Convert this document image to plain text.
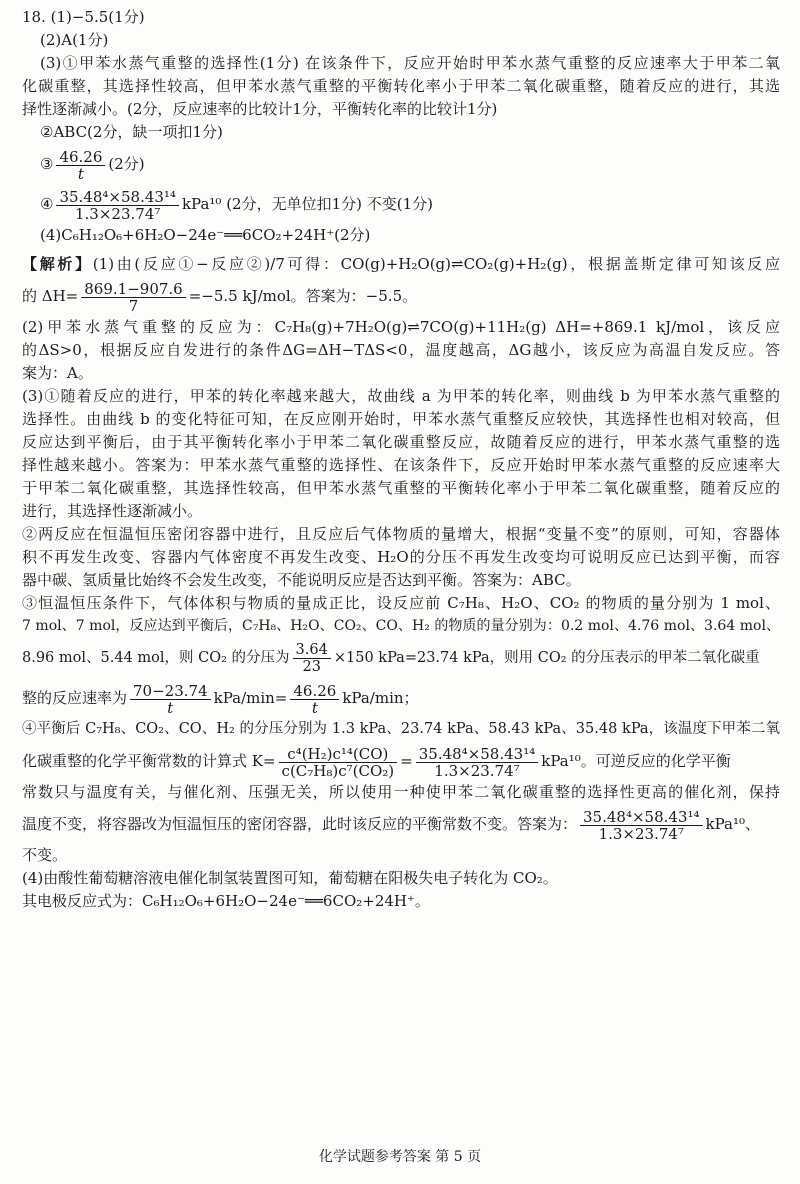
18. (1)−5.5(1分)
(2)A(1分)
(3)①甲苯水蒸气重整的选择性(1分) 在该条件下，反应开始时甲苯水蒸气重整的反应速率大于甲苯二氧
化碳重整，其选择性较高，但甲苯水蒸气重整的平衡转化率小于甲苯二氧化碳重整，随着反应的进行，其选
择性逐渐减小。(2分，反应速率的比较计1分，平衡转化率的比较计1分)
②ABC(2分，缺一项扣1分)
③ $\frac{46.26}{t} (2$分)
④ $\frac{\text{35.48⁴×58.43¹⁴}}{\text{1.3×23.74⁷}} kPa^{10}$ (2分，无单位扣1分) 不变(1分)
(4)C₆H₁₂O₆+6H₂O−24e⁻══6CO₂+24H⁺(2分)
【解析】(1)由(反应①−反应②)/7可得：CO(g)+H₂O(g)⇌CO₂(g)+H₂(g)，根据盖斯定律可知该反应
的 $\Delta H= \frac{869.1-907.6}{7} =-5.5$ kJ/mol。答案为：−5.5。
(2)甲苯水蒸气重整的反应为：C₇H₈(g)+7H₂O(g)⇌7CO(g)+11H₂(g) ΔH=+869.1 kJ/mol，该反应
的ΔS>0，根据反应自发进行的条件ΔG=ΔH−TΔS<0，温度越高，ΔG越小，该反应为高温自发反应。答
案为：A。
(3)①随着反应的进行，甲苯的转化率越来越大，故曲线 a 为甲苯的转化率，则曲线 b 为甲苯水蒸气重整的
选择性。由曲线 b 的变化特征可知，在反应刚开始时，甲苯水蒸气重整反应较快，其选择性也相对较高，但
反应达到平衡后，由于其平衡转化率小于甲苯二氧化碳重整反应，故随着反应的进行，甲苯水蒸气重整的选
择性越来越小。答案为：甲苯水蒸气重整的选择性、在该条件下，反应开始时甲苯水蒸气重整的反应速率大
于甲苯二氧化碳重整，其选择性较高，但甲苯水蒸气重整的平衡转化率小于甲苯二氧化碳重整，随着反应的
进行，其选择性逐渐减小。
②两反应在恒温恒压密闭容器中进行，且反应后气体物质的量增大，根据“变量不变”的原则，可知，容器体
积不再发生改变、容器内气体密度不再发生改变、H₂O的分压不再发生改变均可说明反应已达到平衡，而容
器中碳、氢质量比始终不会发生改变，不能说明反应是否达到平衡。答案为：ABC。
③恒温恒压条件下，气体体积与物质的量成正比，设反应前 C₇H₈、H₂O、CO₂ 的物质的量分别为 1 mol、
7 mol、7 mol，反应达到平衡后，C₇H₈、H₂O、CO₂、CO、H₂ 的物质的量分别为：0.2 mol、4.76 mol、3.64 mol、
8.96 mol、5.44 mol，则 CO₂ 的分压为 $\frac{3.64}{23} \times 150$ kPa=23.74 kPa，则用 CO₂ 的分压表示的甲苯二氧化碳重
整的反应速率为 $\frac{70-23.74}{t} kPa/\min= \frac{46.26}{t} kPa/\min$；
④平衡后 C₇H₈、CO₂、CO、H₂ 的分压分别为 1.3 kPa、23.74 kPa、58.43 kPa、35.48 kPa，该温度下甲苯二氧
化碳重整的化学平衡常数的计算式 $K= \frac{\text{c⁴(H₂)c¹⁴(CO)}}{\text{c(C₇H₈)c⁷(CO₂)}} = \frac{\text{35.48⁴×58.43¹⁴}}{\text{1.3×23.74⁷}} kPa^{10}$。可逆反应的化学平衡
常数只与温度有关，与催化剂、压强无关，所以使用一种使甲苯二氧化碳重整的选择性更高的催化剂，保持
温度不变，将容器改为恒温恒压的密闭容器，此时该反应的平衡常数不变。答案为： $\frac{\text{35.48⁴×58.43¹⁴}}{\text{1.3×23.74⁷}} kPa^{10}$、
不变。
(4)由酸性葡萄糖溶液电催化制氢装置图可知，葡萄糖在阳极失电子转化为 CO₂。
其电极反应式为：C₆H₁₂O₆+6H₂O−24e⁻══6CO₂+24H⁺。
化学试题参考答案 第 5 页
